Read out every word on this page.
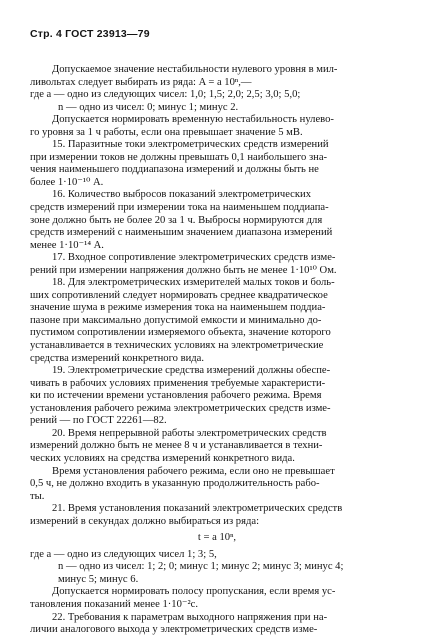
Стр. 4 ГОСТ 23913—79
Допускаемое значение нестабильности нулевого уровня в мил-
ливольтах следует выбирать из ряда: A = a 10ⁿ,—
где a — одно из следующих чисел: 1,0; 1,5; 2,0; 2,5; 3,0; 5,0;
n — одно из чисел: 0; минус 1; минус 2.
Допускается нормировать временную нестабильность нулево-
го уровня за 1 ч работы, если она превышает значение 5 мВ.
15. Паразитные токи электрометрических средств измерений
при измерении токов не должны превышать 0,1 наибольшего зна-
чения наименьшего поддиапазона измерений и должны быть не
более 1·10⁻¹⁰ А.
16. Количество выбросов показаний электрометрических
средств измерений при измерении тока на наименьшем поддиапа-
зоне должно быть не более 20 за 1 ч. Выбросы нормируются для
средств измерений с наименьшим значением диапазона измерений
менее 1·10⁻¹⁴ А.
17. Входное сопротивление электрометрических средств изме-
рений при измерении напряжения должно быть не менее 1·10¹⁰ Ом.
18. Для электрометрических измерителей малых токов и боль-
ших сопротивлений следует нормировать среднее квадратическое
значение шума в режиме измерения тока на наименьшем поддиа-
пазоне при максимально допустимой емкости и минимально до-
пустимом сопротивлении измеряемого объекта, значение которого
устанавливается в технических условиях на электрометрические
средства измерений конкретного вида.
19. Электрометрические средства измерений должны обеспе-
чивать в рабочих условиях применения требуемые характеристи-
ки по истечении времени установления рабочего режима. Время
установления рабочего режима электрометрических средств изме-
рений — по ГОСТ 22261—82.
20. Время непрерывной работы электрометрических средств
измерений должно быть не менее 8 ч и устанавливается в техни-
ческих условиях на средства измерений конкретного вида.
Время установления рабочего режима, если оно не превышает
0,5 ч, не должно входить в указанную продолжительность рабо-
ты.
21. Время установления показаний электрометрических средств
измерений в секундах должно выбираться из ряда:
t = a 10ⁿ,
где a — одно из следующих чисел 1; 3; 5,
n — одно из чисел: 1; 2; 0; минус 1; минус 2; минус 3; минус 4;
минус 5; минус 6.
Допускается нормировать полосу пропускания, если время ус-
тановления показаний менее 1·10⁻²с.
22. Требования к параметрам выходного напряжения при на-
личии аналогового выхода у электрометрических средств изме-
